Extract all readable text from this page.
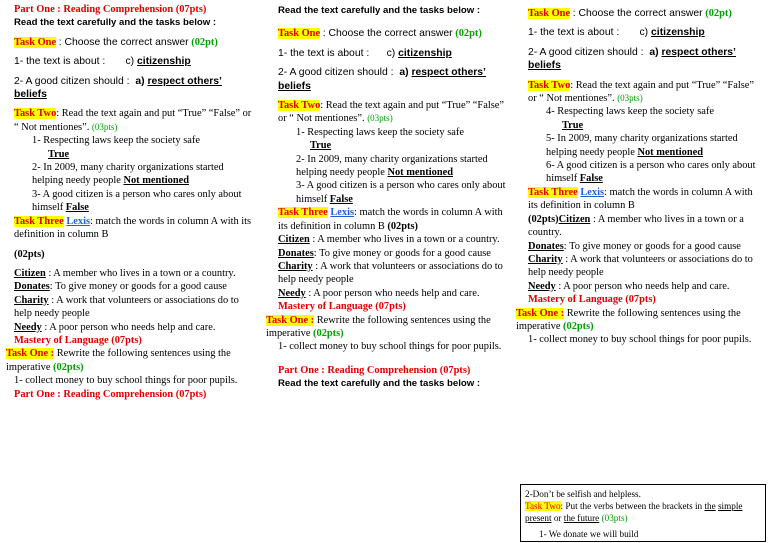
Part One : Reading Comprehension (07pts)

Read the text carefully and the tasks below :

Task One : Choose the correct answer (02pt)

1- the text is about : c) citizenship

2- A good citizen should : a) respect others’
beliefs

Task Two: Read the text again and put “True” “False” or “ Not mentiones”. (03pts)

1- Respecting laws keep the society safe
True

2- In 2009, many charity organizations started helping needy people Not mentioned

3- A good citizen is a person who cares only about himself False

Task Three Lexis: match the words in column A with its definition in column B

(02pts)

Citizen : A member who lives in a town or a country.

Donates: To give money or goods for a good cause

Charity : A work that volunteers or associations do to help needy people

Needy : A poor person who needs help and care.

Mastery of Language (07pts)

Task One : Rewrite the following sentences using the imperative (02pts)

1- collect money to buy school things for poor pupils.

Part One : Reading Comprehension (07pts)

Read the text carefully and the tasks below :

Task One : Choose the correct answer (02pt)

1- the text is about : c) citizenship

2- A good citizen should : a) respect others’
beliefs

Task Two: Read the text again and put “True” “False” or “ Not mentiones”. (03pts)

1- Respecting laws keep the society safe
True

2- In 2009, many charity organizations started helping needy people Not mentioned

3- A good citizen is a person who cares only about himself False

Task Three Lexis: match the words in column A with its definition in column B (02pts)

Citizen : A member who lives in a town or a country.

Donates: To give money or goods for a good cause

Charity : A work that volunteers or associations do to help needy people

Needy : A poor person who needs help and care.

Mastery of Language (07pts)

Task One : Rewrite the following sentences using the imperative (02pts)

1- collect money to buy school things for poor pupils.

Part One : Reading Comprehension (07pts)

Read the text carefully and the tasks below :

Task One : Choose the correct answer (02pt)

1- the text is about : c) citizenship

2- A good citizen should : a) respect others’
beliefs

Task Two: Read the text again and put “True” “False” or “ Not mentiones”. (03pts)

4- Respecting laws keep the society safe
True

5- In 2009, many charity organizations started helping needy people Not mentioned

6- A good citizen is a person who cares only about himself False

Task Three Lexis: match the words in column A with its definition in column B

(02pts)Citizen : A member who lives in a town or a country.

Donates: To give money or goods for a good cause

Charity : A work that volunteers or associations do to help needy people

Needy : A poor person who needs help and care.

Mastery of Language (07pts)

Task One : Rewrite the following sentences using the imperative (02pts)

1- collect money to buy school things for poor pupils.

2-Don’t be selfish and helpless.

Task Two: Put the verbs between the brackets in the simple present or the future (03pts)

1- We donate we will build
